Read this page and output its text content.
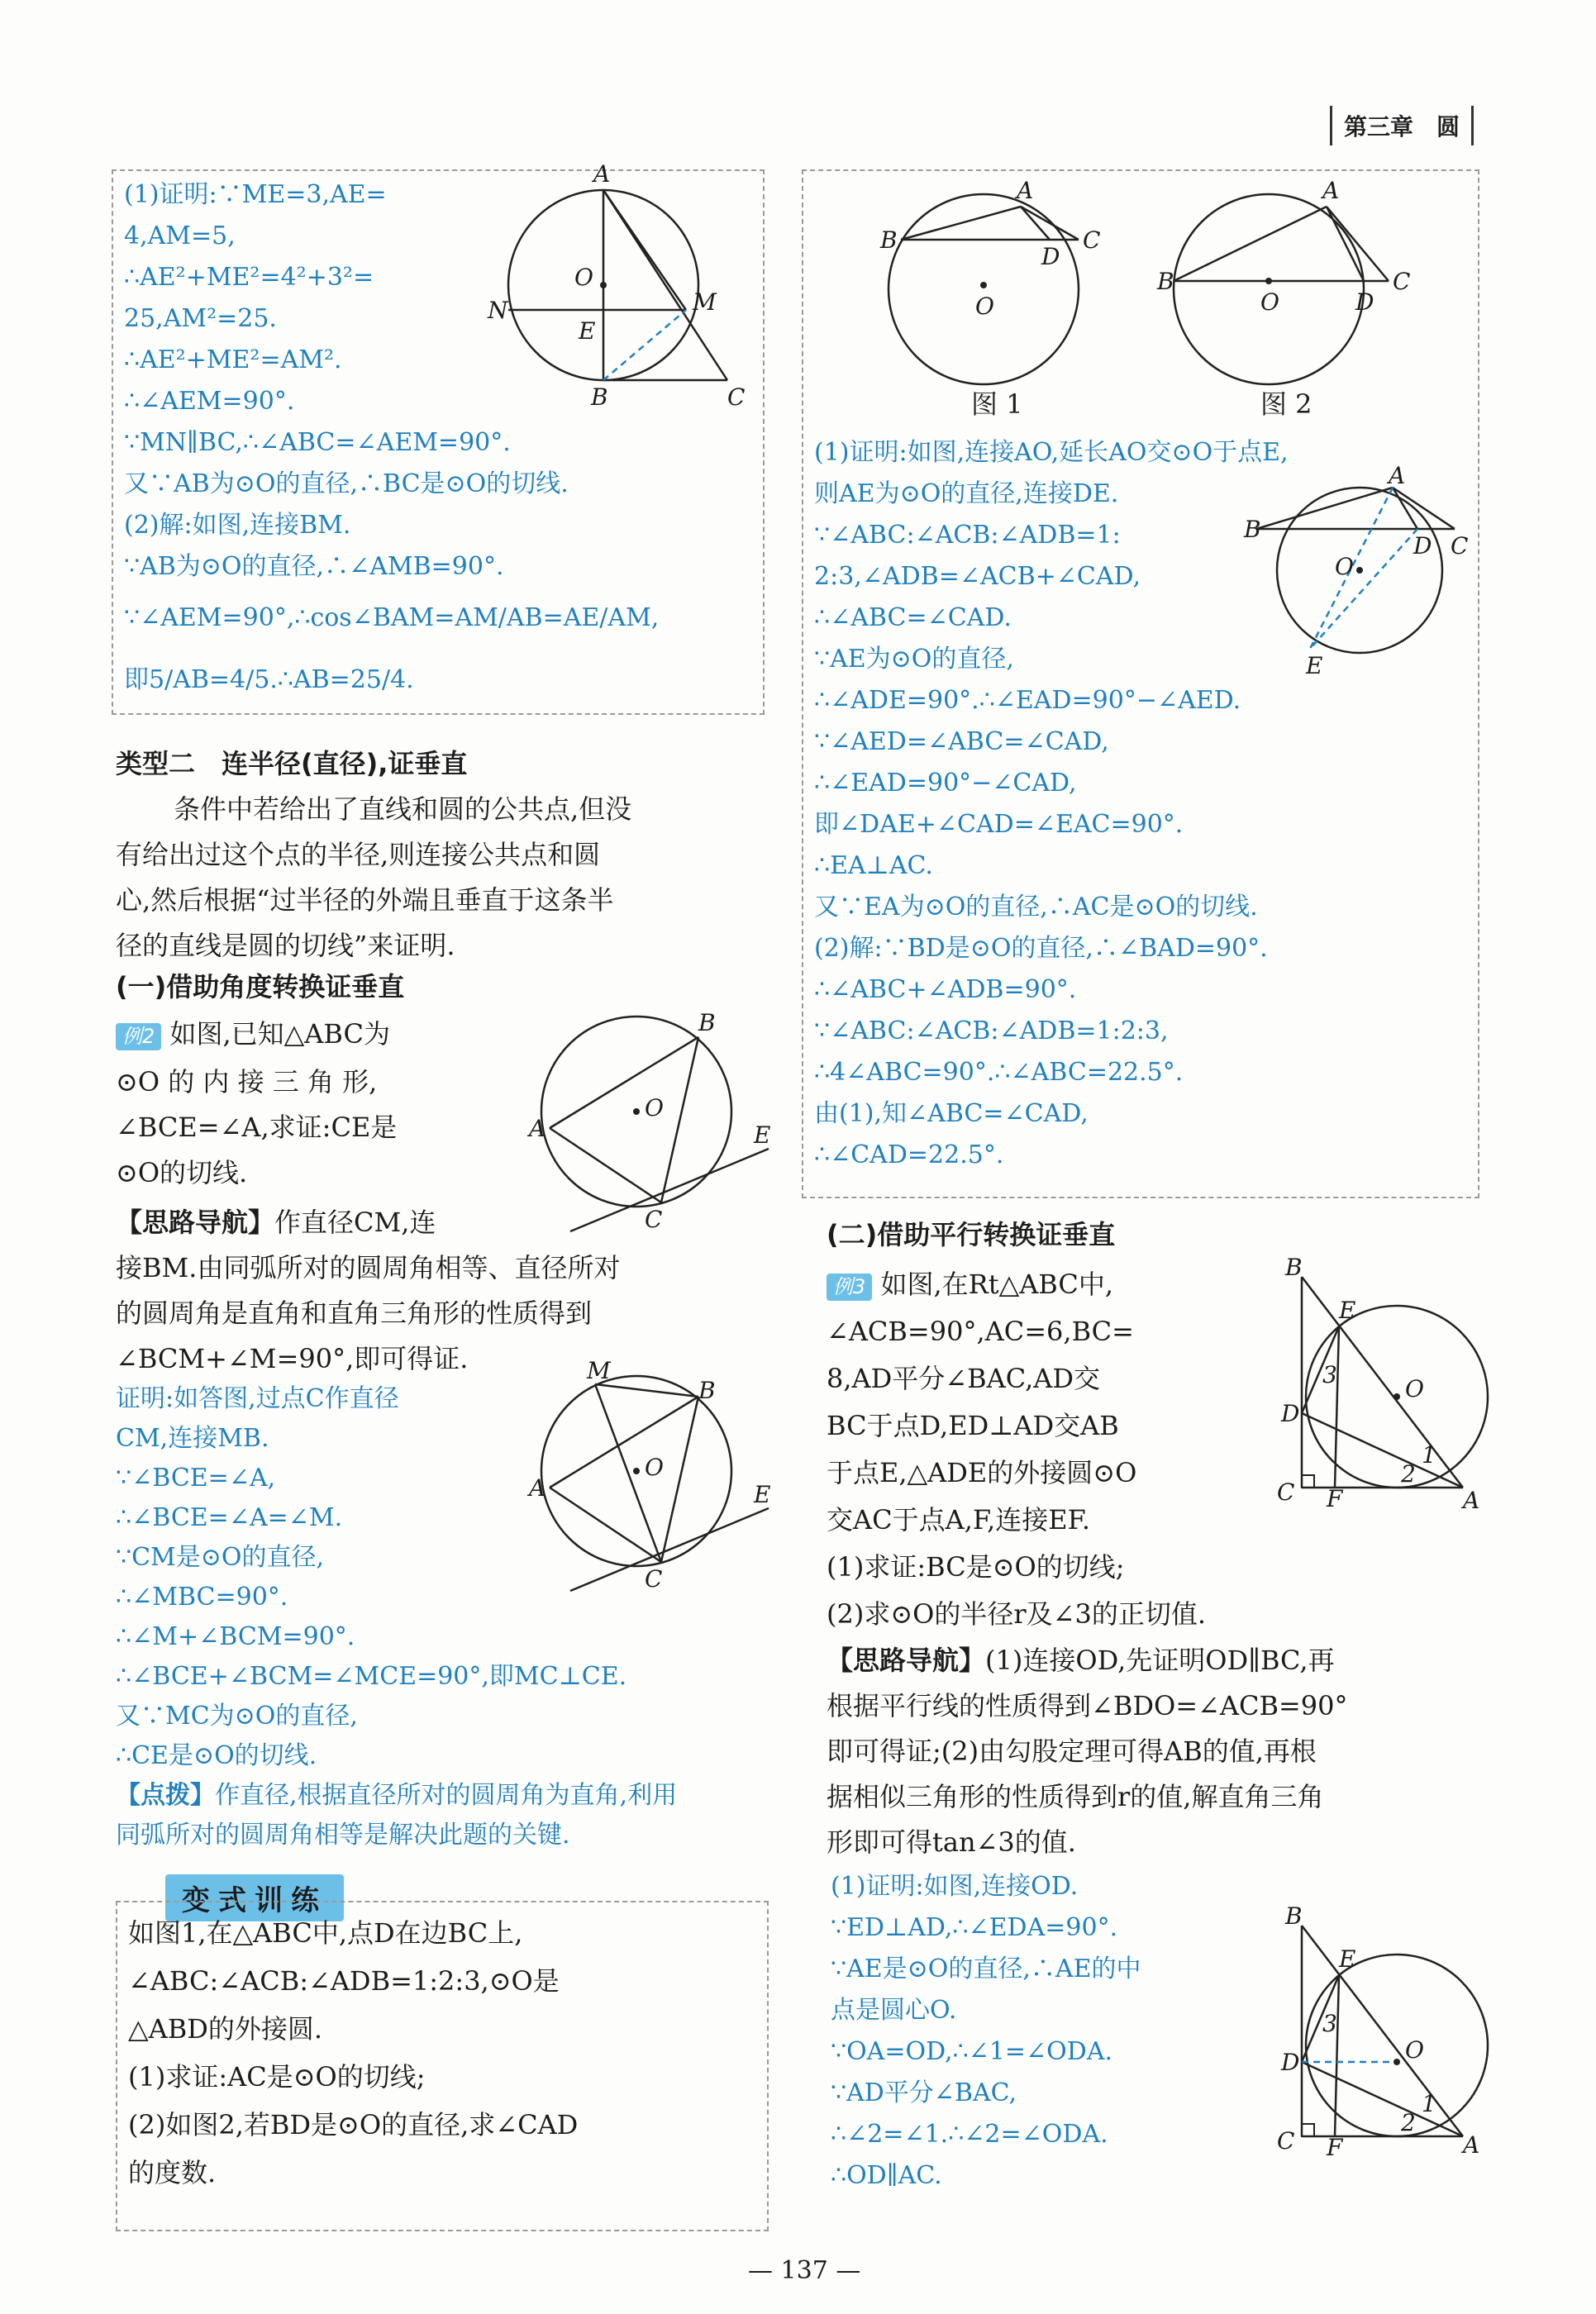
第三章　 圆
(1)证明:∵ME=3,AE=
4,AM=5,
∴AE²+ME²=4²+3²=
25,AM²=25.
∴AE²+ME²=AM².
∴∠AEM=90°.
∵MN∥BC,∴∠ABC=∠AEM=90°.
又∵AB为⊙O的直径,∴BC是⊙O的切线.
(2)解:如图,连接BM.
∵AB为⊙O的直径,∴∠AMB=90°.
∵∠AEM=90°,∴cos∠BAM=AM/AB=AE/AM,
即5/AB=4/5.∴AB=25/4.
A
O
N
E
M
B	C
类型二　连半径(直径),证垂直
条件中若给出了直线和圆的公共点,但没
有给出过这个点的半径,则连接公共点和圆
心,然后根据“过半径的外端且垂直于这条半
径的直线是圆的切线”来证明.
(一)借助角度转换证垂直
例2 如图,已知△ABC为
⊙O 的 内 接 三 角 形,
∠BCE=∠A,求证:CE是
⊙O的切线.
B
O
A
C
E
【思路导航】作直径CM,连
接BM.由同弧所对的圆周角相等、直径所对
的圆周角是直角和直角三角形的性质得到
∠BCM+∠M=90°,即可得证.
证明:如答图,过点C作直径
CM,连接MB.
∵∠BCE=∠A,
∴∠BCE=∠A=∠M.
∵CM是⊙O的直径,
∴∠MBC=90°.
∴∠M+∠BCM=90°.
∴∠BCE+∠BCM=∠MCE=90°,即MC⊥CE.
又∵MC为⊙O的直径,
∴CE是⊙O的切线.
M
B
O
A
C
E
【点拨】作直径,根据直径所对的圆周角为直角,利用
同弧所对的圆周角相等是解决此题的关键.
变式训练
如图1,在△ABC中,点D在边BC上,
∠ABC:∠ACB:∠ADB=1:2:3,⊙O是
△ABD的外接圆.
(1)求证:AC是⊙O的切线;
(2)如图2,若BD是⊙O的直径,求∠CAD
的度数.
A
B	C
D
O
图 1
A
B	C
D
O
图 2
(1)证明:如图,连接AO,延长AO交⊙O于点E,
则AE为⊙O的直径,连接DE.
∵∠ABC:∠ACB:∠ADB=1:
2:3,∠ADB=∠ACB+∠CAD,
∴∠ABC=∠CAD.
∵AE为⊙O的直径,
∴∠ADE=90°.∴∠EAD=90°−∠AED.
∵∠AED=∠ABC=∠CAD,
∴∠EAD=90°−∠CAD,
即∠DAE+∠CAD=∠EAC=90°.
∴EA⊥AC.
又∵EA为⊙O的直径,∴AC是⊙O的切线.
(2)解:∵BD是⊙O的直径,∴∠BAD=90°.
∴∠ABC+∠ADB=90°.
∵∠ABC:∠ACB:∠ADB=1:2:3,
∴4∠ABC=90°.∴∠ABC=22.5°.
由(1),知∠ABC=∠CAD,
∴∠CAD=22.5°.
A
B
C
D
O
E
(二)借助平行转换证垂直
例3 如图,在Rt△ABC中,
∠ACB=90°,AC=6,BC=
8,AD平分∠BAC,AD交
BC于点D,ED⊥AD交AB
于点E,△ADE的外接圆⊙O
交AC于点A,F,连接EF.
(1)求证:BC是⊙O的切线;
(2)求⊙O的半径r及∠3的正切值.
B
E
O
D
3
1
2
C F	A
【思路导航】(1)连接OD,先证明OD∥BC,再
根据平行线的性质得到∠BDO=∠ACB=90°
即可得证;(2)由勾股定理可得AB的值,再根
据相似三角形的性质得到r的值,解直角三角
形即可得tan∠3的值.
(1)证明:如图,连接OD.
∵ED⊥AD,∴∠EDA=90°.
∵AE是⊙O的直径,∴AE的中
点是圆心O.
∵OA=OD,∴∠1=∠ODA.
∵AD平分∠BAC,
∴∠2=∠1.∴∠2=∠ODA.
∴OD∥AC.
B
E
O
D
3
1
2
C F	A
— 137 —
